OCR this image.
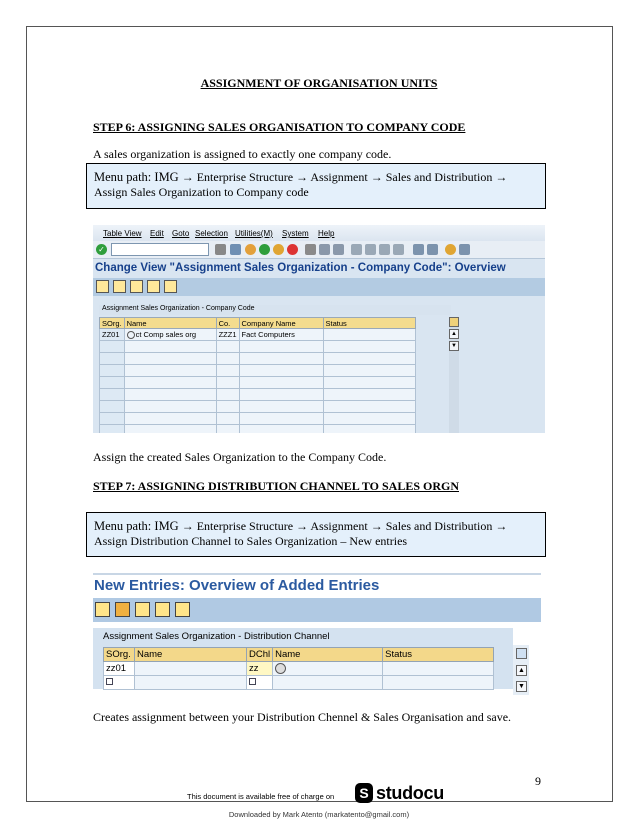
ASSIGNMENT OF ORGANISATION UNITS
STEP 6: ASSIGNING SALES ORGANISATION TO COMPANY CODE
A sales organization is assigned to exactly one company code.
Menu path: IMG → Enterprise Structure → Assignment → Sales and Distribution → Assign Sales Organization to Company code
Table View Edit Goto Selection Utilities(M) System Help
✓
Change View "Assignment Sales Organization - Company Code": Overview
Assignment Sales Organization - Company Code
SOrg.	Name	Co.	Company Name	Status
ZZ01	ct Comp sales org	ZZZ1	Fact Computers	

					▲
▼
Assign the created Sales Organization to the Company Code.
STEP 7: ASSIGNING DISTRIBUTION CHANNEL TO SALES ORGN
Menu path: IMG → Enterprise Structure → Assignment → Sales and Distribution → Assign Distribution Channel to Sales Organization – New entries
New Entries: Overview of Added Entries
Assignment Sales Organization - Distribution Channel
SOrg.	Name	DChl	Name	Status
zz01		zz		
					▲
▼
Creates assignment between your Distribution Chennel & Sales Organisation and save.
9
This document is available free of charge on	S studocu
Downloaded by Mark Atento (markatento@gmail.com)
